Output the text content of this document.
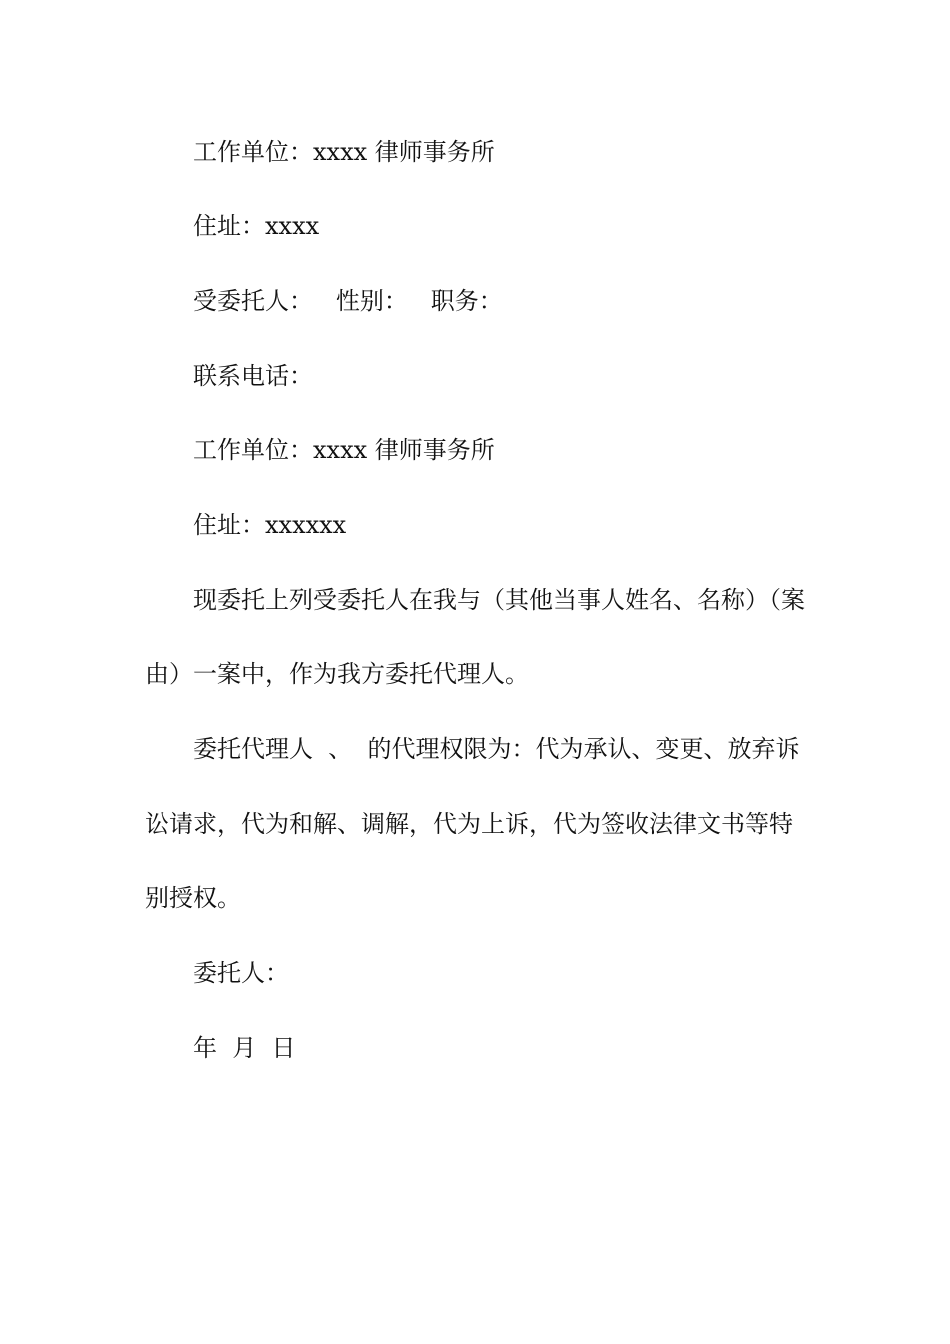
工作单位：xxxx 律师事务所

住址：xxxx

受委托人：   性别：   职务：

联系电话：

工作单位：xxxx 律师事务所

住址：xxxxxx

现委托上列受委托人在我与（其他当事人姓名、名称）（案

由）一案中，作为我方委托代理人。

委托代理人  、  的代理权限为：代为承认、变更、放弃诉

讼请求，代为和解、调解，代为上诉，代为签收法律文书等特

别授权。

委托人：

年  月  日
